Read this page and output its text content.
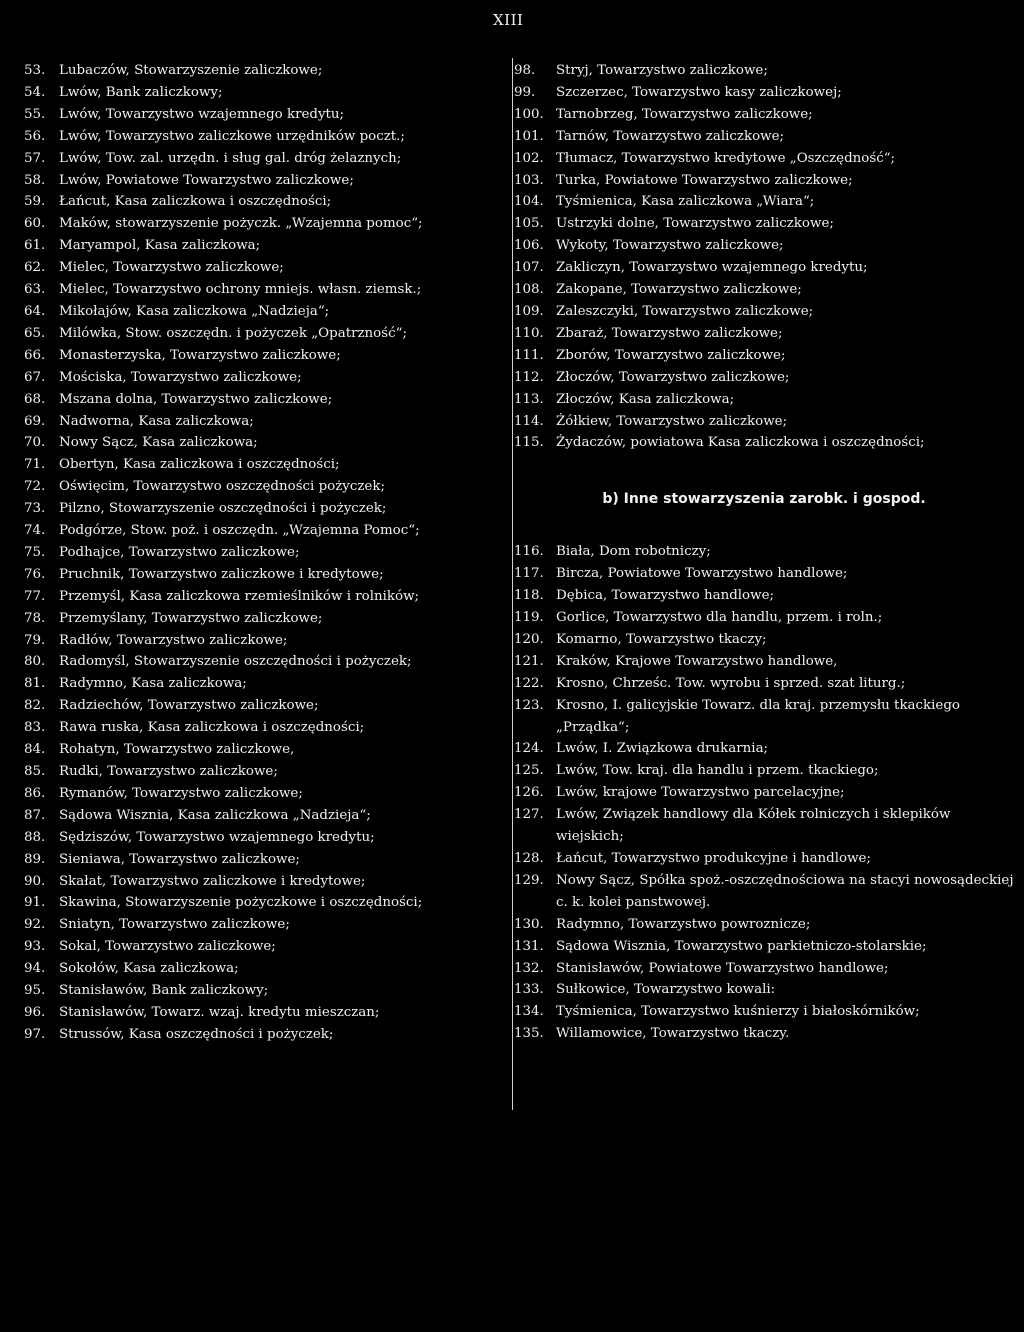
XIII
53.	Lubaczów, Stowarzyszenie zaliczkowe;
54.	Lwów, Bank zaliczkowy;
55.	Lwów, Towarzystwo wzajemnego kredytu;
56.	Lwów, Towarzystwo zaliczkowe urzędników poczt.;
57.	Lwów, Tow. zal. urzędn. i sług gal. dróg żelaznych;
58.	Lwów, Powiatowe Towarzystwo zaliczkowe;
59.	Łańcut, Kasa zaliczkowa i oszczędności;
60.	Maków, stowarzyszenie pożyczk. „Wzajemna pomoc“;
61.	Maryampol, Kasa zaliczkowa;
62.	Mielec, Towarzystwo zaliczkowe;
63.	Mielec, Towarzystwo ochrony mniejs. własn. ziemsk.;
64.	Mikołajów, Kasa zaliczkowa „Nadzieja“;
65.	Milówka, Stow. oszczędn. i pożyczek „Opatrzność“;
66.	Monasterzyska, Towarzystwo zaliczkowe;
67.	Mościska, Towarzystwo zaliczkowe;
68.	Mszana dolna, Towarzystwo zaliczkowe;
69.	Nadworna, Kasa zaliczkowa;
70.	Nowy Sącz, Kasa zaliczkowa;
71.	Obertyn, Kasa zaliczkowa i oszczędności;
72.	Oświęcim, Towarzystwo oszczędności pożyczek;
73.	Pilzno, Stowarzyszenie oszczędności i pożyczek;
74.	Podgórze, Stow. poż. i oszczędn. „Wzajemna Pomoc“;
75.	Podhajce, Towarzystwo zaliczkowe;
76.	Pruchnik, Towarzystwo zaliczkowe i kredytowe;
77.	Przemyśl, Kasa zaliczkowa rzemieślników i rolników;
78.	Przemyślany, Towarzystwo zaliczkowe;
79.	Radłów, Towarzystwo zaliczkowe;
80.	Radomyśl, Stowarzyszenie oszczędności i pożyczek;
81.	Radymno, Kasa zaliczkowa;
82.	Radziechów, Towarzystwo zaliczkowe;
83.	Rawa ruska, Kasa zaliczkowa i oszczędności;
84.	Rohatyn, Towarzystwo zaliczkowe,
85.	Rudki, Towarzystwo zaliczkowe;
86.	Rymanów, Towarzystwo zaliczkowe;
87.	Sądowa Wisznia, Kasa zaliczkowa „Nadzieja“;
88.	Sędziszów, Towarzystwo wzajemnego kredytu;
89.	Sieniawa, Towarzystwo zaliczkowe;
90.	Skałat, Towarzystwo zaliczkowe i kredytowe;
91.	Skawina, Stowarzyszenie pożyczkowe i oszczędności;
92.	Sniatyn, Towarzystwo zaliczkowe;
93.	Sokal, Towarzystwo zaliczkowe;
94.	Sokołów, Kasa zaliczkowa;
95.	Stanisławów, Bank zaliczkowy;
96.	Stanisławów, Towarz. wzaj. kredytu mieszczan;
97.	Strussów, Kasa oszczędności i pożyczek;
98.	Stryj, Towarzystwo zaliczkowe;
99.	Szczerzec, Towarzystwo kasy zaliczkowej;
100. Tarnobrzeg, Towarzystwo zaliczkowe;
101. Tarnów, Towarzystwo zaliczkowe;
102. Tłumacz, Towarzystwo kredytowe „Oszczędność“;
103. Turka, Powiatowe Towarzystwo zaliczkowe;
104. Tyśmienica, Kasa zaliczkowa „Wiara“;
105. Ustrzyki dolne, Towarzystwo zaliczkowe;
106. Wykoty, Towarzystwo zaliczkowe;
107. Zakliczyn, Towarzystwo wzajemnego kredytu;
108. Zakopane, Towarzystwo zaliczkowe;
109. Zaleszczyki, Towarzystwo zaliczkowe;
110. Zbaraż, Towarzystwo zaliczkowe;
111. Zborów, Towarzystwo zaliczkowe;
112. Złoczów, Towarzystwo zaliczkowe;
113. Złoczów, Kasa zaliczkowa;
114. Żółkiew, Towarzystwo zaliczkowe;
115. Żydaczów, powiatowa Kasa zaliczkowa i oszczędności;
b) Inne stowarzyszenia zarobk. i gospod.
116. Biała, Dom robotniczy;
117. Bircza, Powiatowe Towarzystwo handlowe;
118. Dębica, Towarzystwo handlowe;
119. Gorlice, Towarzystwo dla handlu, przem. i roln.;
120. Komarno, Towarzystwo tkaczy;
121. Kraków, Krajowe Towarzystwo handlowe,
122. Krosno, Chrześc. Tow. wyrobu i sprzed. szat liturg.;
123. Krosno, I. galicyjskie Towarz. dla kraj. przemysłu tkackiego „Prządka“;
124. Lwów, I. Związkowa drukarnia;
125. Lwów, Tow. kraj. dla handlu i przem. tkackiego;
126. Lwów, krajowe Towarzystwo parcelacyjne;
127. Lwów, Związek handlowy dla Kółek rolniczych i sklepików wiejskich;
128. Łańcut, Towarzystwo produkcyjne i handlowe;
129. Nowy Sącz, Spółka spoż.-oszczędnościowa na stacyi nowosądeckiej c. k. kolei panstwowej.
130. Radymno, Towarzystwo powroznicze;
131. Sądowa Wisznia, Towarzystwo parkietniczo-stolarskie;
132. Stanisławów, Powiatowe Towarzystwo handlowe;
133. Sułkowice, Towarzystwo kowali:
134. Tyśmienica, Towarzystwo kuśnierzy i białoskórników;
135. Willamowice, Towarzystwo tkaczy.
